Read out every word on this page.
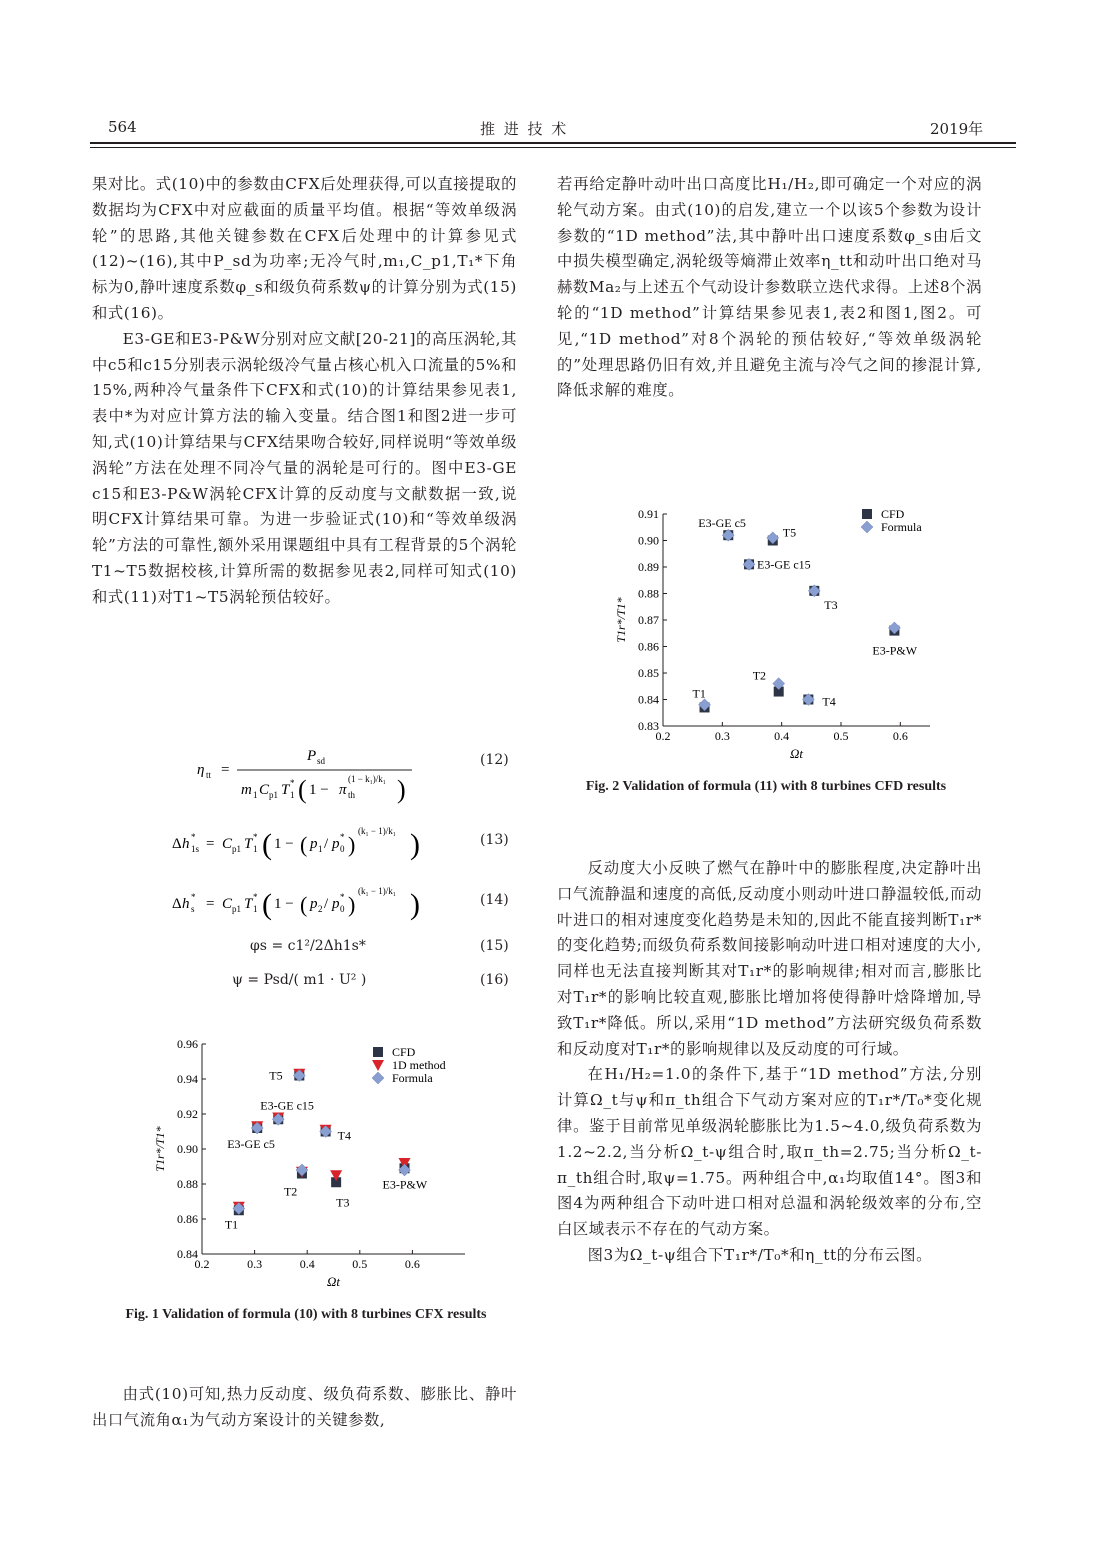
564	推 进 技 术	2019年

果对比。式(10)中的参数由CFX后处理获得,可以直接提取的数据均为CFX中对应截面的质量平均值。根据“等效单级涡轮”的思路,其他关键参数在CFX后处理中的计算参见式(12)~(16),其中P_sd为功率;无冷气时,m₁,C_p1,T₁*下角标为0,静叶速度系数φ_s和级负荷系数ψ的计算分别为式(15)和式(16)。

E3-GE和E3-P&W分别对应文献[20-21]的高压涡轮,其中c5和c15分别表示涡轮级冷气量占核心机入口流量的5%和15%,两种冷气量条件下CFX和式(10)的计算结果参见表1,表中*为对应计算方法的输入变量。结合图1和图2进一步可知,式(10)计算结果与CFX结果吻合较好,同样说明“等效单级涡轮”方法在处理不同冷气量的涡轮是可行的。图中E3-GE c15和E3-P&W涡轮CFX计算的反动度与文献数据一致,说明CFX计算结果可靠。为进一步验证式(10)和“等效单级涡轮”方法的可靠性,额外采用课题组中具有工程背景的5个涡轮T1~T5数据校核,计算所需的数据参见表2,同样可知式(10)和式(11)对T1~T5涡轮预估较好。

η tt =
P sd
m 1 C p1 T 1
* ( 1 − π th
(1 − k₁)/k₁ )
(12)
Δ h 1s
* = C p1 T 1
* ( 1 − ( p 1 / p 0
* )
(k₁ − 1)/k₁ )	(13)
Δ h s
* = C p1 T 1
* ( 1 − ( p 2 / p 0
* )
(k₁ − 1)/k₁ )	(14)
φs = c1²/2Δh1s*	(15)
ψ = Psd/( m1 · U² )	(16)
0.84
0.86
0.88
0.90
0.92
0.94
0.96
0.2	0.3	0.4	0.5	0.6
Ωt
T1r*/T1*
T1
T2
T3
T4
T5
E3-GE c5
E3-GE c15
E3-P&W
CFD
1D method
Formula
Fig. 1 Validation of formula (10) with 8 turbines CFX results

由式(10)可知,热力反动度、级负荷系数、膨胀比、静叶出口气流角α₁为气动方案设计的关键参数,

若再给定静叶动叶出口高度比H₁/H₂,即可确定一个对应的涡轮气动方案。由式(10)的启发,建立一个以该5个参数为设计参数的“1D method”法,其中静叶出口速度系数φ_s由后文中损失模型确定,涡轮级等熵滞止效率η_tt和动叶出口绝对马赫数Ma₂与上述五个气动设计参数联立迭代求得。上述8个涡轮的“1D method”计算结果参见表1,表2和图1,图2。可见,“1D method”对8个涡轮的预估较好,“等效单级涡轮的”处理思路仍旧有效,并且避免主流与冷气之间的掺混计算,降低求解的难度。

0.83
0.84
0.85
0.86
0.87
0.88
0.89
0.90
0.91
0.2	0.3	0.4	0.5	0.6
Ωt
T1r*/T1*
T1
T2
T3
T4
T5
E3-GE c5
E3-GE c15
E3-P&W
CFD
Formula
Fig. 2 Validation of formula (11) with 8 turbines CFD results

反动度大小反映了燃气在静叶中的膨胀程度,决定静叶出口气流静温和速度的高低,反动度小则动叶进口静温较低,而动叶进口的相对速度变化趋势是未知的,因此不能直接判断T₁r*的变化趋势;而级负荷系数间接影响动叶进口相对速度的大小,同样也无法直接判断其对T₁r*的影响规律;相对而言,膨胀比对T₁r*的影响比较直观,膨胀比增加将使得静叶焓降增加,导致T₁r*降低。所以,采用“1D method”方法研究级负荷系数和反动度对T₁r*的影响规律以及反动度的可行域。

在H₁/H₂=1.0的条件下,基于“1D method”方法,分别计算Ω_t与ψ和π_th组合下气动方案对应的T₁r*/T₀*变化规律。鉴于目前常见单级涡轮膨胀比为1.5~4.0,级负荷系数为1.2~2.2,当分析Ω_t-ψ组合时,取π_th=2.75;当分析Ω_t-π_th组合时,取ψ=1.75。两种组合中,α₁均取值14°。图3和图4为两种组合下动叶进口相对总温和涡轮级效率的分布,空白区域表示不存在的气动方案。

图3为Ω_t-ψ组合下T₁r*/T₀*和η_tt的分布云图。
